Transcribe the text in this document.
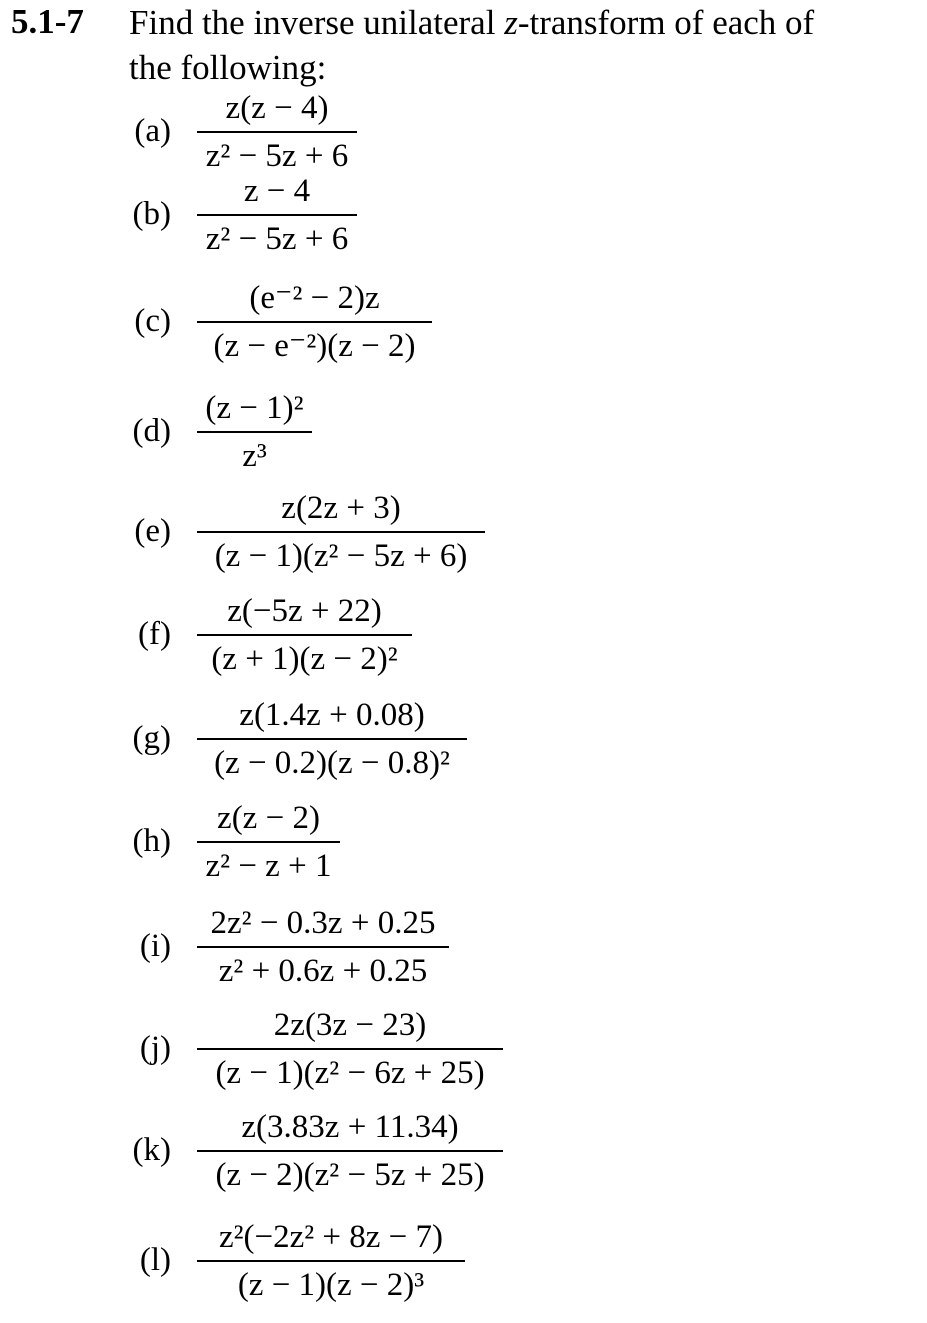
5.1-7 Find the inverse unilateral z-transform of each of
the following:
(a)
z(z − 4)
z² − 5z + 6
(b)
z − 4
z² − 5z + 6
(c)
(e⁻² − 2)z
(z − e⁻²)(z − 2)
(d)
(z − 1)²
z³
(e)
z(2z + 3)
(z − 1)(z² − 5z + 6)
(f)
z(−5z + 22)
(z + 1)(z − 2)²
(g)
z(1.4z + 0.08)
(z − 0.2)(z − 0.8)²
(h)
z(z − 2)
z² − z + 1
(i)
2z² − 0.3z + 0.25
z² + 0.6z + 0.25
(j)
2z(3z − 23)
(z − 1)(z² − 6z + 25)
(k)
z(3.83z + 11.34)
(z − 2)(z² − 5z + 25)
(l)
z²(−2z² + 8z − 7)
(z − 1)(z − 2)³
